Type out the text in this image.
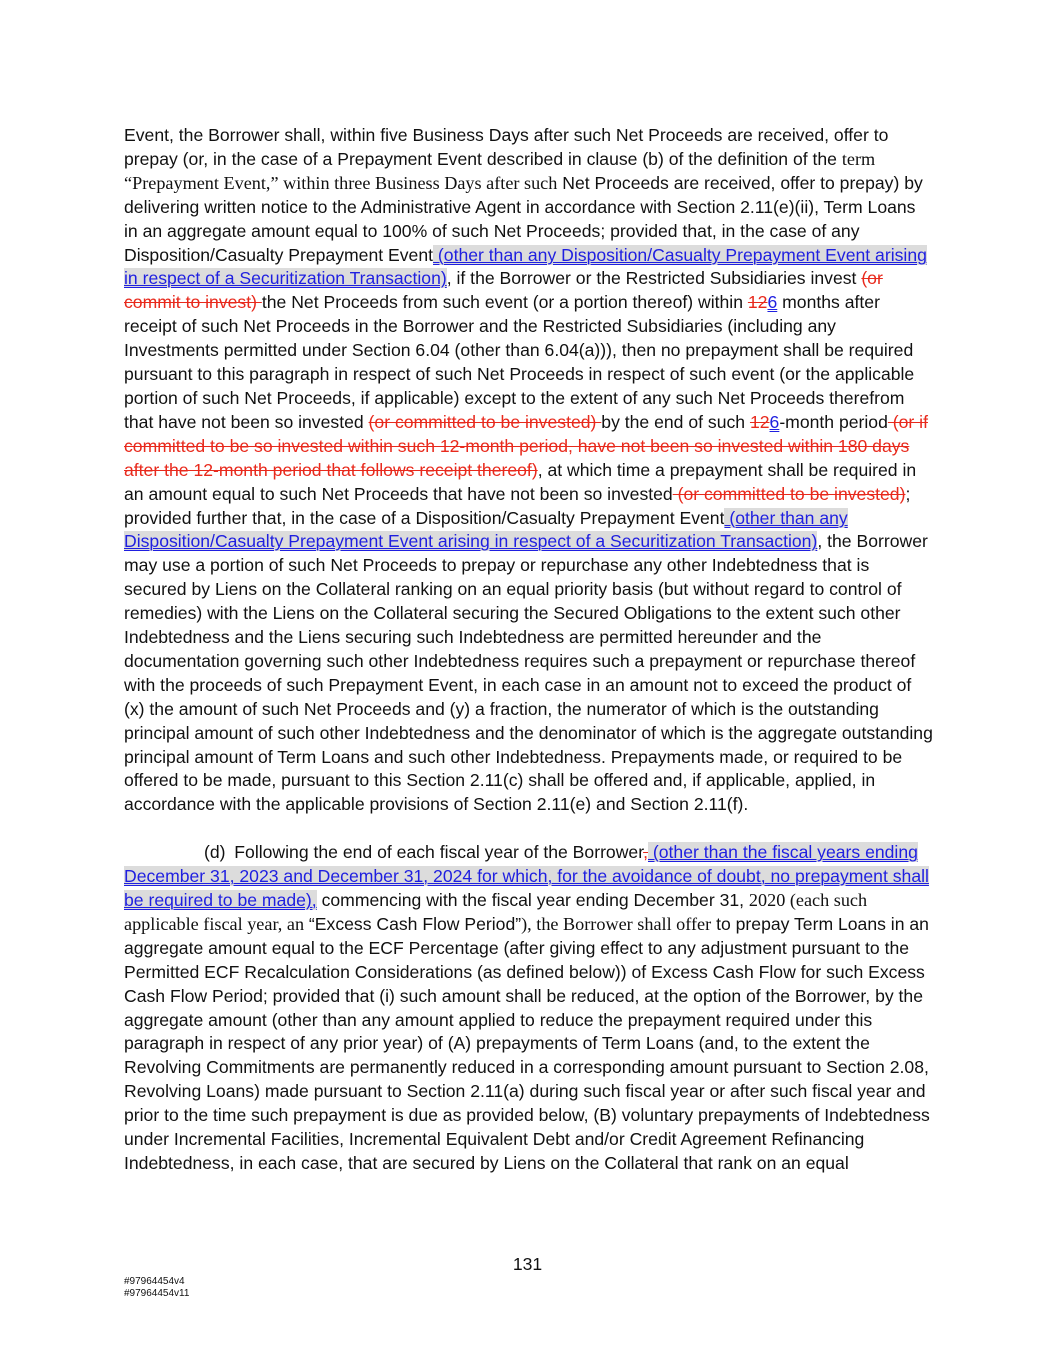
Event, the Borrower shall, within five Business Days after such Net Proceeds are received, offer to prepay (or, in the case of a Prepayment Event described in clause (b) of the definition of the term “Prepayment Event,” within three Business Days after such Net Proceeds are received, offer to prepay) by delivering written notice to the Administrative Agent in accordance with Section 2.11(e)(ii), Term Loans in an aggregate amount equal to 100% of such Net Proceeds; provided that, in the case of any Disposition/Casualty Prepayment Event (other than any Disposition/Casualty Prepayment Event arising in respect of a Securitization Transaction), if the Borrower or the Restricted Subsidiaries invest (or commit to invest) the Net Proceeds from such event (or a portion thereof) within 126 months after receipt of such Net Proceeds in the Borrower and the Restricted Subsidiaries (including any Investments permitted under Section 6.04 (other than 6.04(a))), then no prepayment shall be required pursuant to this paragraph in respect of such Net Proceeds in respect of such event (or the applicable portion of such Net Proceeds, if applicable) except to the extent of any such Net Proceeds therefrom that have not been so invested (or committed to be invested) by the end of such 126-month period (or if committed to be so invested within such 12-month period, have not been so invested within 180 days after the 12-month period that follows receipt thereof), at which time a prepayment shall be required in an amount equal to such Net Proceeds that have not been so invested (or committed to be invested); provided further that, in the case of a Disposition/Casualty Prepayment Event (other than any Disposition/Casualty Prepayment Event arising in respect of a Securitization Transaction), the Borrower may use a portion of such Net Proceeds to prepay or repurchase any other Indebtedness that is secured by Liens on the Collateral ranking on an equal priority basis (but without regard to control of remedies) with the Liens on the Collateral securing the Secured Obligations to the extent such other Indebtedness and the Liens securing such Indebtedness are permitted hereunder and the documentation governing such other Indebtedness requires such a prepayment or repurchase thereof with the proceeds of such Prepayment Event, in each case in an amount not to exceed the product of (x) the amount of such Net Proceeds and (y) a fraction, the numerator of which is the outstanding principal amount of such other Indebtedness and the denominator of which is the aggregate outstanding principal amount of Term Loans and such other Indebtedness. Prepayments made, or required to be offered to be made, pursuant to this Section 2.11(c) shall be offered and, if applicable, applied, in accordance with the applicable provisions of Section 2.11(e) and Section 2.11(f).

(d) Following the end of each fiscal year of the Borrower, (other than the fiscal years ending December 31, 2023 and December 31, 2024 for which, for the avoidance of doubt, no prepayment shall be required to be made), commencing with the fiscal year ending December 31, 2020 (each such applicable fiscal year, an “Excess Cash Flow Period”), the Borrower shall offer to prepay Term Loans in an aggregate amount equal to the ECF Percentage (after giving effect to any adjustment pursuant to the Permitted ECF Recalculation Considerations (as defined below)) of Excess Cash Flow for such Excess Cash Flow Period; provided that (i) such amount shall be reduced, at the option of the Borrower, by the aggregate amount (other than any amount applied to reduce the prepayment required under this paragraph in respect of any prior year) of (A) prepayments of Term Loans (and, to the extent the Revolving Commitments are permanently reduced in a corresponding amount pursuant to Section 2.08, Revolving Loans) made pursuant to Section 2.11(a) during such fiscal year or after such fiscal year and prior to the time such prepayment is due as provided below, (B) voluntary prepayments of Indebtedness under Incremental Facilities, Incremental Equivalent Debt and/or Credit Agreement Refinancing Indebtedness, in each case, that are secured by Liens on the Collateral that rank on an equal

131
#97964454v4
#97964454v11
